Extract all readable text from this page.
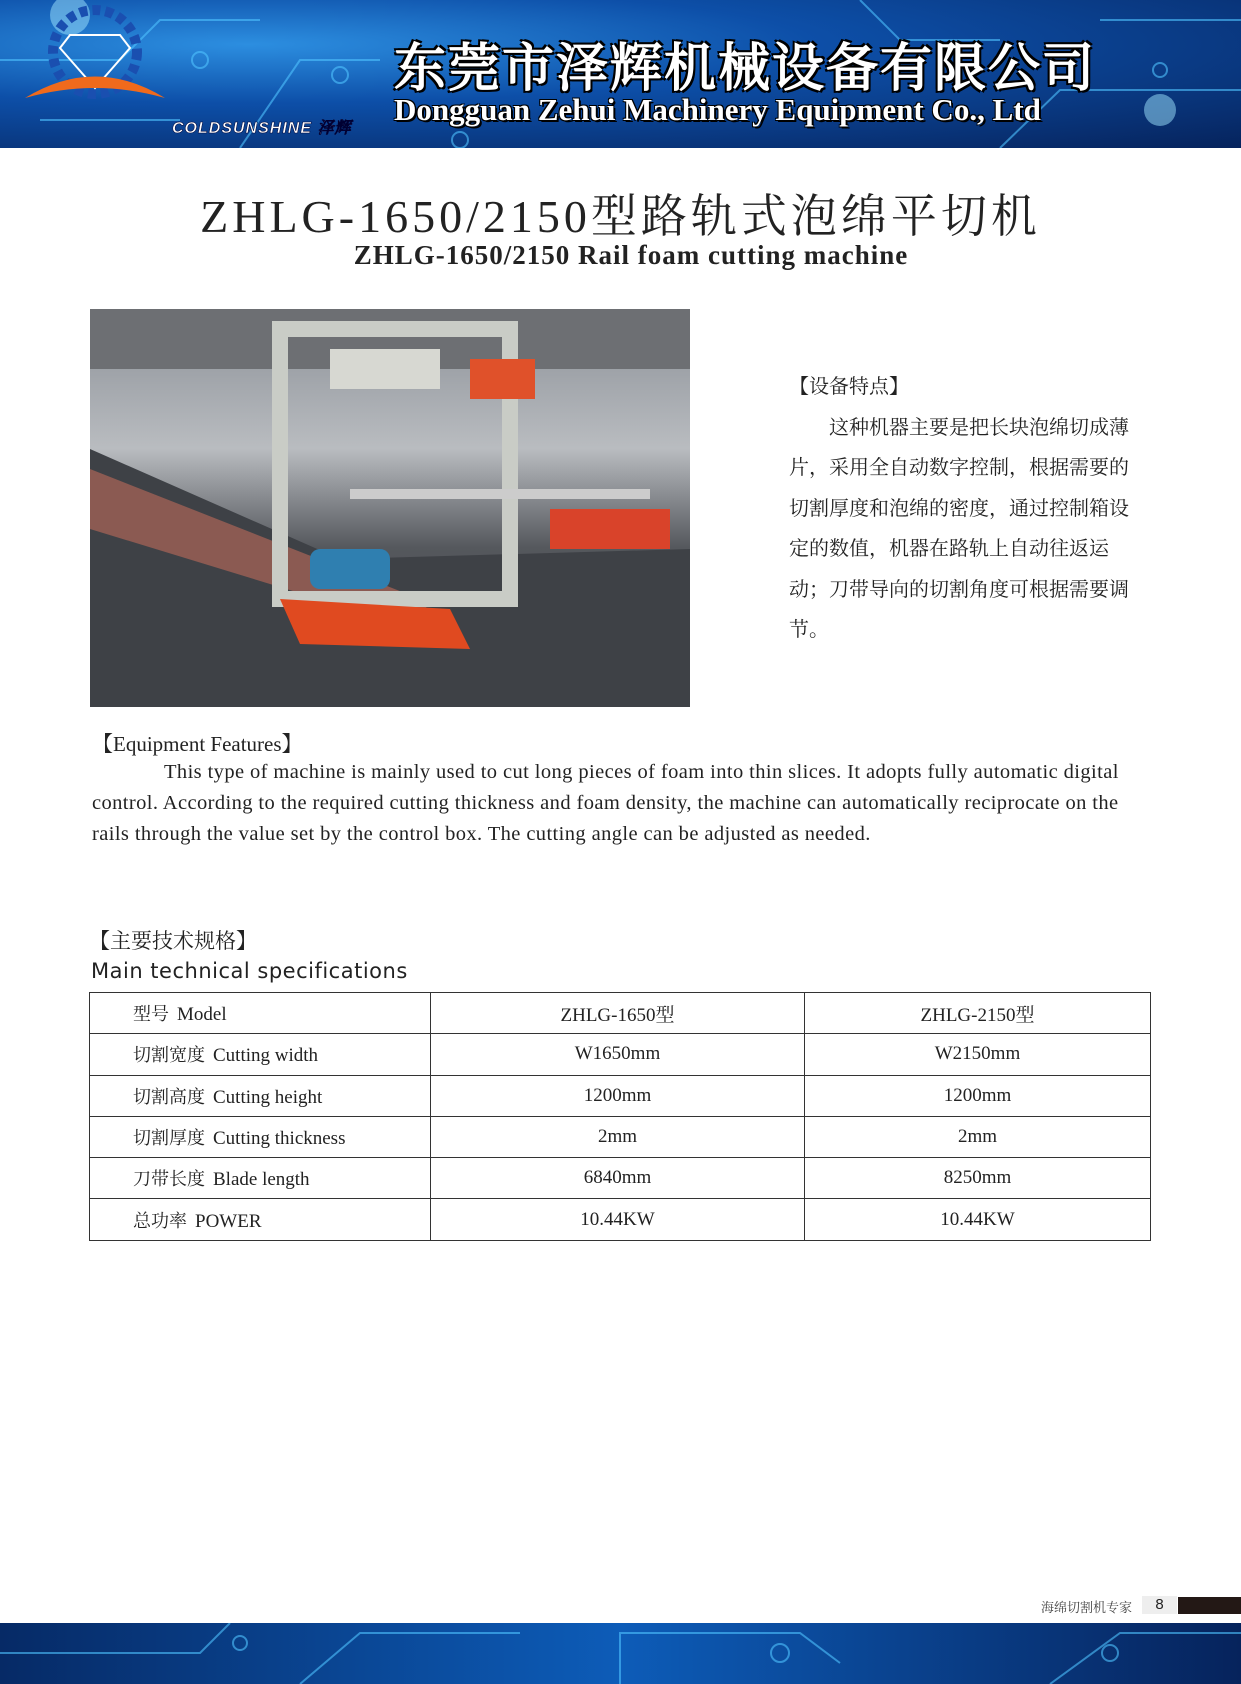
COLDSUNSHINE 泽辉
东莞市泽辉机械设备有限公司
Dongguan Zehui Machinery Equipment Co., Ltd
ZHLG-1650/2150型路轨式泡绵平切机
ZHLG-1650/2150 Rail foam cutting machine
【设备特点】

这种机器主要是把长块泡绵切成薄片，采用全自动数字控制，根据需要的切割厚度和泡绵的密度，通过控制箱设定的数值，机器在路轨上自动往返运动；刀带导向的切割角度可根据需要调节。

【Equipment Features】

This type of machine is mainly used to cut long pieces of foam into thin slices. It adopts fully automatic digital control. According to the required cutting thickness and foam density, the machine can automatically reciprocate on the rails through the value set by the control box. The cutting angle can be adjusted as needed.

【主要技术规格】
Main technical specifications
型号 Model	ZHLG-1650型	ZHLG-2150型
切割宽度 Cutting width	W1650mm	W2150mm
切割高度 Cutting height	1200mm	1200mm
切割厚度 Cutting thickness	2mm	2mm
刀带长度 Blade length	6840mm	8250mm
总功率 POWER	10.44KW	10.44KW
海绵切割机专家	8
